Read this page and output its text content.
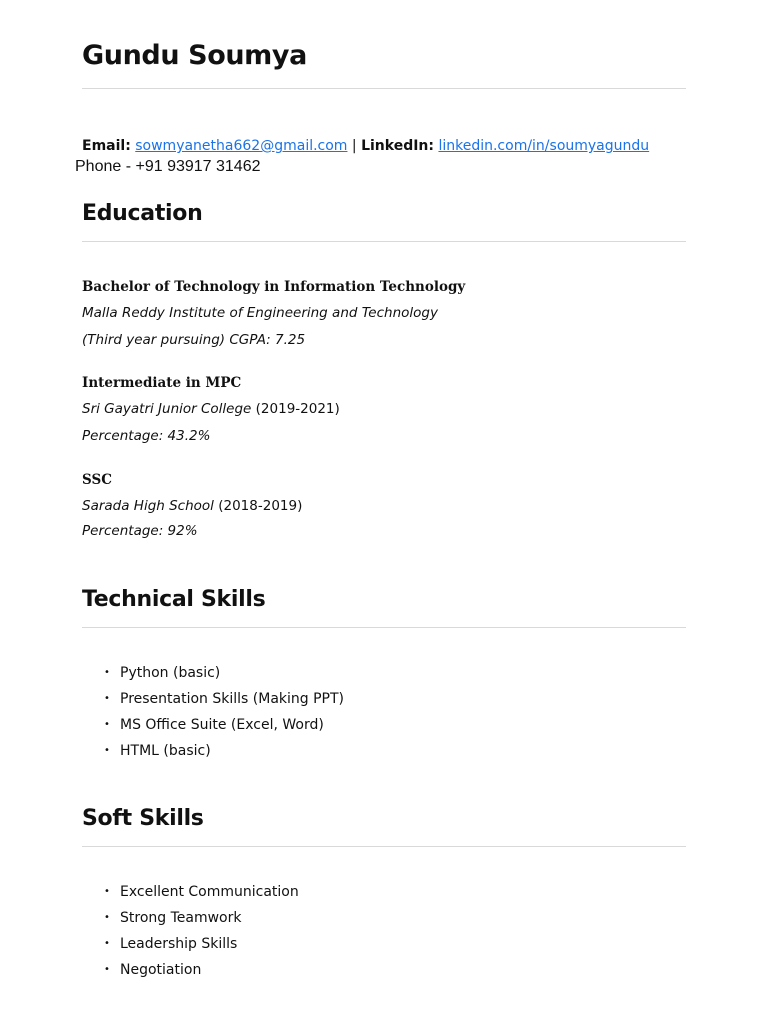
Gundu Soumya
Email: sowmyanetha662@gmail.com | LinkedIn: linkedin.com/in/soumyagundu
Phone - +91 93917 31462
Education
Bachelor of Technology in Information Technology
Malla Reddy Institute of Engineering and Technology
(Third year pursuing) CGPA: 7.25
Intermediate in MPC
Sri Gayatri Junior College (2019-2021)
Percentage: 43.2%
SSC
Sarada High School (2018-2019)
Percentage: 92%
Technical Skills
• Python (basic)
• Presentation Skills (Making PPT)
• MS Office Suite (Excel, Word)
• HTML (basic)
Soft Skills
• Excellent Communication
• Strong Teamwork
• Leadership Skills
• Negotiation
